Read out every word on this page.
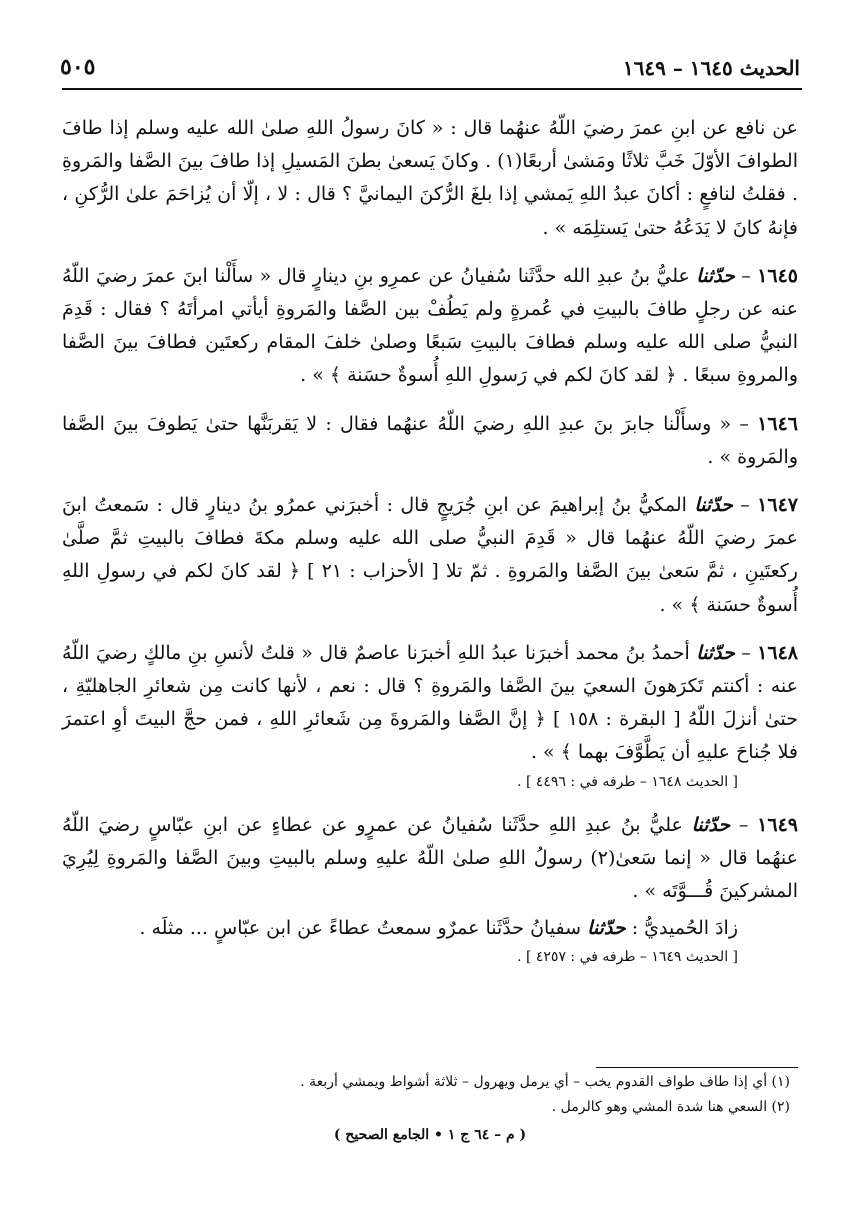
الحديث ١٦٤٥ – ١٦٤٩
٥٠٥

عن نافع عن ابنِ عمرَ رضيَ اللّهُ عنهُما قال : « كانَ رسولُ اللهِ صلىٰ الله عليه وسلم إذا طافَ الطوافَ الأوّلَ خَبَّ ثلاثًا ومَشىٰ أربعًا(١) . وكانَ يَسعىٰ بطنَ المَسيلِ إذا طافَ بينَ الصَّفا والمَروةِ . فقلتُ لنافعٍ : أكانَ عبدُ اللهِ يَمشي إذا بلغَ الرُّكنَ اليمانيَّ ؟ قال : لا ، إلّا أن يُزاحَمَ علىٰ الرُّكنِ ، فإنهُ كانَ لا يَدَعُهُ حتىٰ يَستلِمَه » .

١٦٤٥ – حدّثنا عليُّ بنُ عبدِ الله حدَّثَنا سُفيانُ عن عمرِو بنِ دينارٍ قال « سأَلْنا ابنَ عمرَ رضيَ اللّهُ عنه عن رجلٍ طافَ بالبيتِ في عُمرةٍ ولم يَطُفْ بين الصَّفا والمَروةِ أيأتي امرأتَهُ ؟ فقال : قَدِمَ النبيُّ صلى الله عليه وسلم فطافَ بالبيتِ سَبعًا وصلىٰ خلفَ المقام ركعتَين فطافَ بينَ الصَّفا والمروةِ سبعًا . ﴿ لقد كانَ لكم في رَسولِ اللهِ أُسوةٌ حسَنة ﴾ » .

١٦٤٦ – « وسأَلْنا جابرَ بنَ عبدِ اللهِ رضيَ اللّهُ عنهُما فقال : لا يَقربَنَّها حتىٰ يَطوفَ بينَ الصَّفا والمَروة » .

١٦٤٧ – حدّثنا المكيُّ بنُ إبراهيمَ عن ابنِ جُرَيجٍ قال : أخبرَني عمرُو بنُ دينارٍ قال : سَمعتُ ابنَ عمرَ رضيَ اللّهُ عنهُما قال « قَدِمَ النبيُّ صلى الله عليه وسلم مكةَ فطافَ بالبيتِ ثمَّ صلَّىٰ ركعتَينِ ، ثمَّ سَعىٰ بينَ الصَّفا والمَروةِ . ثمّ تلا [ الأحزاب : ٢١ ] ﴿ لقد كانَ لكم في رسولِ اللهِ أُسوةٌ حسَنة ﴾ » .

١٦٤٨ – حدّثنا أحمدُ بنُ محمد أخبرَنا عبدُ اللهِ أخبرَنا عاصمٌ قال « قلتُ لأنسِ بنِ مالكٍ رضيَ اللّهُ عنه : أكنتم تَكرَهونَ السعيَ بينَ الصَّفا والمَروةِ ؟ قال : نعم ، لأنها كانت مِن شعائرِ الجاهليّةِ ، حتىٰ أنزلَ اللّهُ [ البقرة : ١٥٨ ] ﴿ إنَّ الصَّفا والمَروةَ مِن شَعائرِ اللهِ ، فمن حجَّ البيتَ أوِ اعتمرَ فلا جُناحَ عليهِ أن يَطَّوَّفَ بهما ﴾ » .

[ الحديث ١٦٤٨ – طرفه في : ٤٤٩٦ ] .

١٦٤٩ – حدّثنا عليُّ بنُ عبدِ اللهِ حدَّثَنا سُفيانُ عن عمرٍو عن عطاءٍ عن ابنِ عبّاسٍ رضيَ اللّهُ عنهُما قال « إنما سَعىٰ(٢) رسولُ اللهِ صلىٰ اللّهُ عليهِ وسلم بالبيتِ وبينَ الصَّفا والمَروةِ لِيُرِيَ المشركينَ قُـــوَّتَه » .

زادَ الحُميديُّ : حدّثنا سفيانُ حدَّثَنا عمرٌو سمعتُ عطاءً عن ابن عبّاسٍ ... مثلَه .

[ الحديث ١٦٤٩ – طرفه في : ٤٢٥٧ ] .

(١) أي إذا طاف طواف القدوم يخب – أي يرمل ويهرول – ثلاثة أشواط ويمشي أربعة .

(٢) السعي هنا شدة المشي وهو كالرمل .

( م – ٦٤ ج ١ • الجامع الصحيح )
